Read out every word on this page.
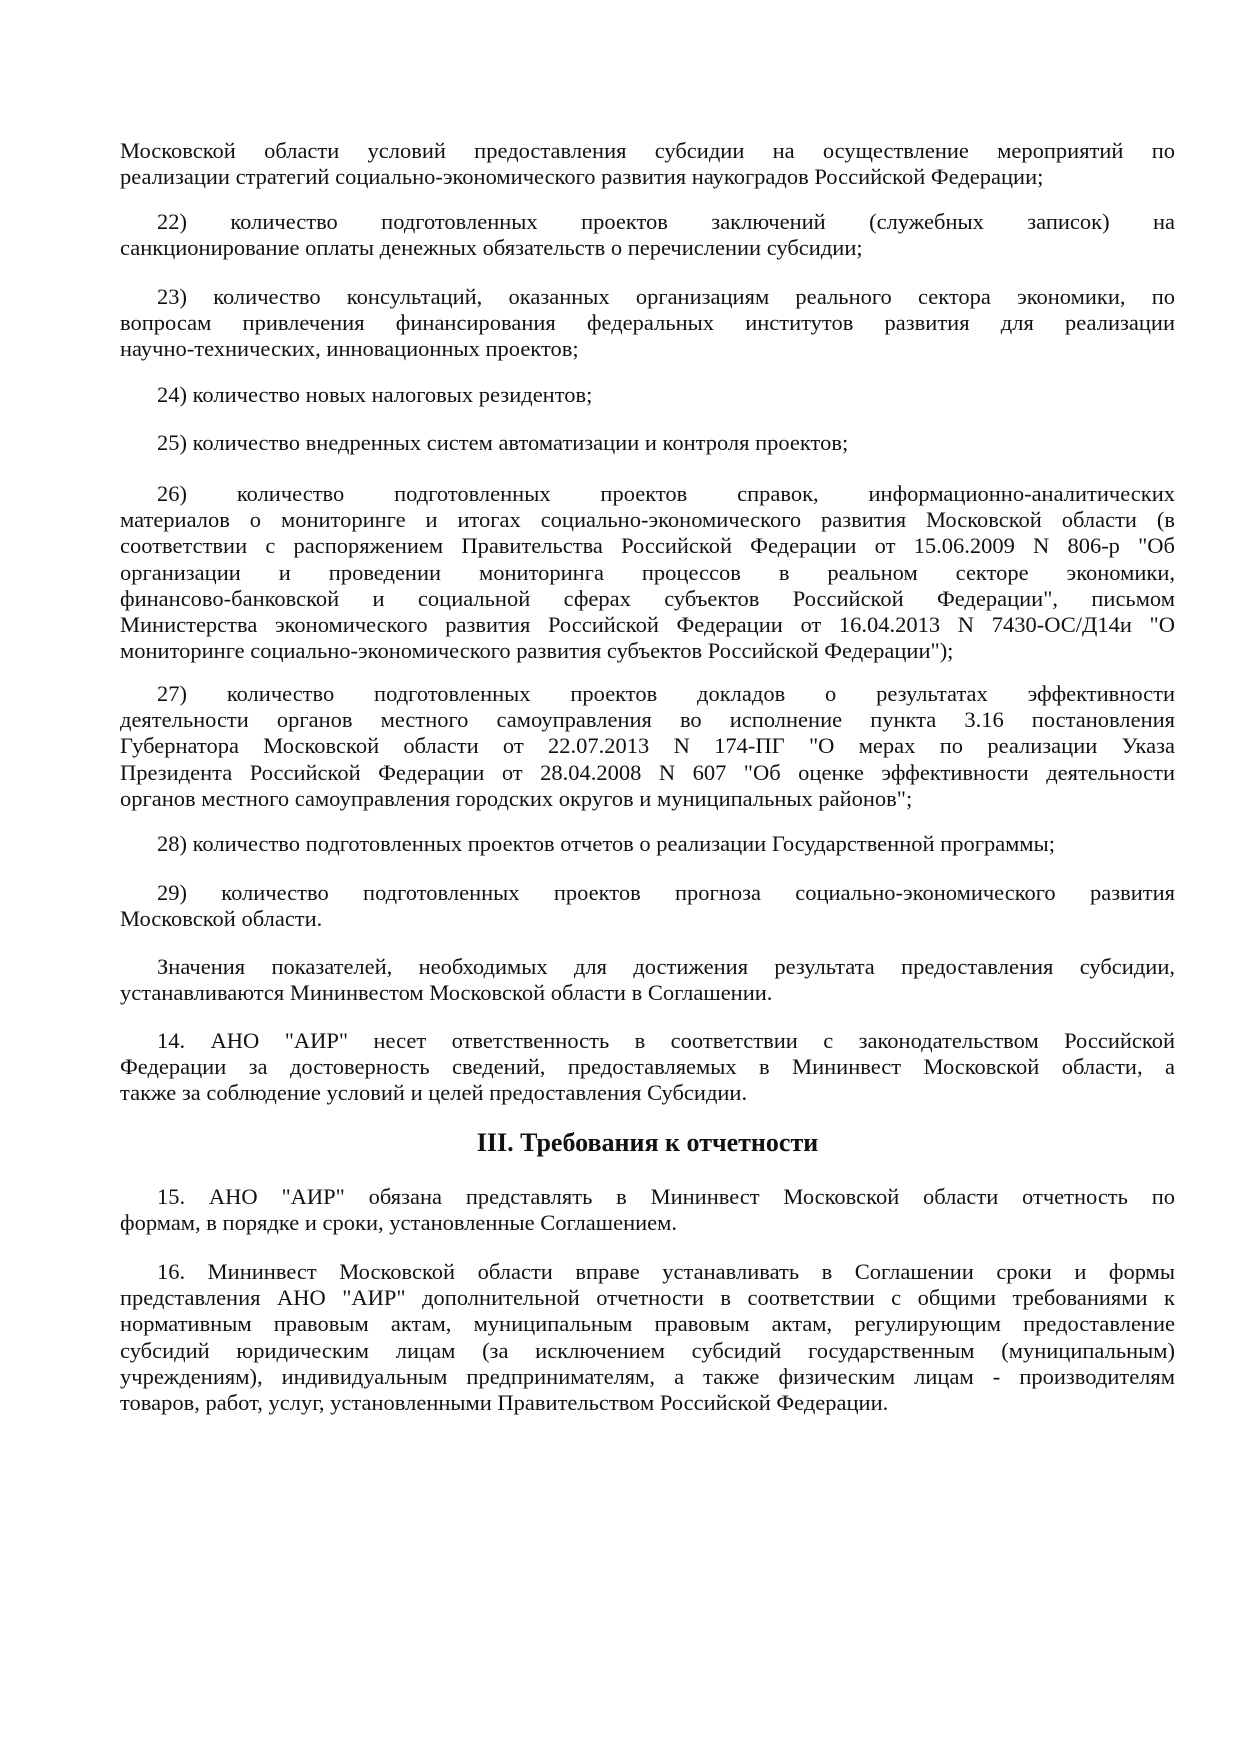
Московской области условий предоставления субсидии на осуществление мероприятий по
реализации стратегий социально-экономического развития наукоградов Российской Федерации;
22) количество подготовленных проектов заключений (служебных записок) на
санкционирование оплаты денежных обязательств о перечислении субсидии;
23) количество консультаций, оказанных организациям реального сектора экономики, по
вопросам привлечения финансирования федеральных институтов развития для реализации
научно-технических, инновационных проектов;
24) количество новых налоговых резидентов;
25) количество внедренных систем автоматизации и контроля проектов;
26) количество подготовленных проектов справок, информационно-аналитических
материалов о мониторинге и итогах социально-экономического развития Московской области (в
соответствии с распоряжением Правительства Российской Федерации от 15.06.2009 N 806-р "Об
организации и проведении мониторинга процессов в реальном секторе экономики,
финансово-банковской и социальной сферах субъектов Российской Федерации", письмом
Министерства экономического развития Российской Федерации от 16.04.2013 N 7430-ОС/Д14и "О
мониторинге социально-экономического развития субъектов Российской Федерации");
27) количество подготовленных проектов докладов о результатах эффективности
деятельности органов местного самоуправления во исполнение пункта 3.16 постановления
Губернатора Московской области от 22.07.2013 N 174-ПГ "О мерах по реализации Указа
Президента Российской Федерации от 28.04.2008 N 607 "Об оценке эффективности деятельности
органов местного самоуправления городских округов и муниципальных районов";
28) количество подготовленных проектов отчетов о реализации Государственной программы;
29) количество подготовленных проектов прогноза социально-экономического развития
Московской области.
Значения показателей, необходимых для достижения результата предоставления субсидии,
устанавливаются Мининвестом Московской области в Соглашении.
14. АНО "АИР" несет ответственность в соответствии с законодательством Российской
Федерации за достоверность сведений, предоставляемых в Мининвест Московской области, а
также за соблюдение условий и целей предоставления Субсидии.
15. АНО "АИР" обязана представлять в Мининвест Московской области отчетность по
формам, в порядке и сроки, установленные Соглашением.
16. Мининвест Московской области вправе устанавливать в Соглашении сроки и формы
представления АНО "АИР" дополнительной отчетности в соответствии с общими требованиями к
нормативным правовым актам, муниципальным правовым актам, регулирующим предоставление
субсидий юридическим лицам (за исключением субсидий государственным (муниципальным)
учреждениям), индивидуальным предпринимателям, а также физическим лицам - производителям
товаров, работ, услуг, установленными Правительством Российской Федерации.
III. Требования к отчетности
